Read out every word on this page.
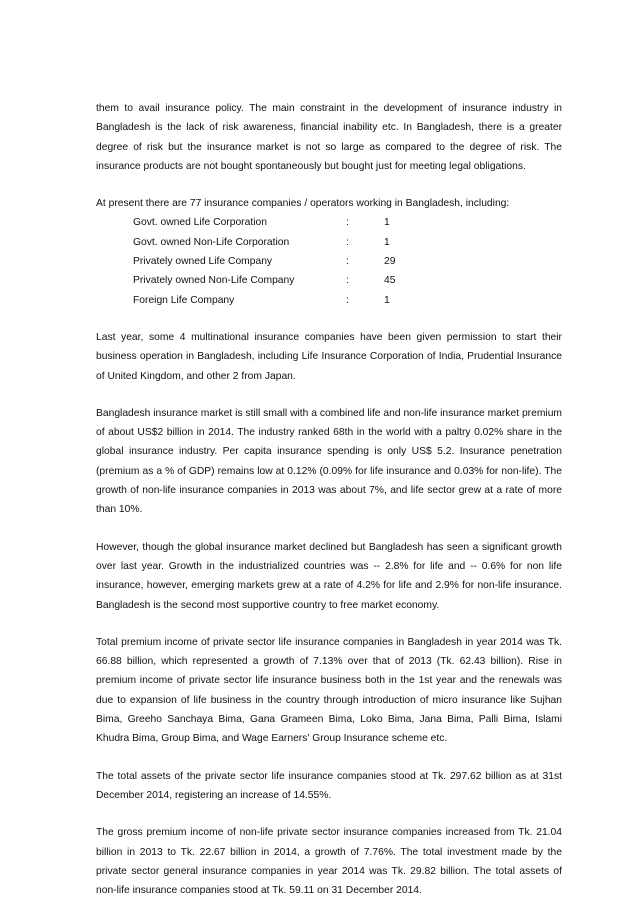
them to avail insurance policy. The main constraint in the development of insurance industry in Bangladesh is the lack of risk awareness, financial inability etc. In Bangladesh, there is a greater degree of risk but the insurance market is not so large as compared to the degree of risk. The insurance products are not bought spontaneously but bought just for meeting legal obligations.

At present there are 77 insurance companies / operators working in Bangladesh, including:

Govt. owned Life Corporation	:	1
Govt. owned Non-Life Corporation	:	1
Privately owned Life Company	:	29
Privately owned Non-Life Company	:	45
Foreign Life Company	:	1

Last year, some 4 multinational insurance companies have been given permission to start their business operation in Bangladesh, including Life Insurance Corporation of India, Prudential Insurance of United Kingdom, and other 2 from Japan.

Bangladesh insurance market is still small with a combined life and non-life insurance market premium of about US$2 billion in 2014. The industry ranked 68th in the world with a paltry 0.02% share in the global insurance industry. Per capita insurance spending is only US$ 5.2. Insurance penetration (premium as a % of GDP) remains low at 0.12% (0.09% for life insurance and 0.03% for non-life). The growth of non-life insurance companies in 2013 was about 7%, and life sector grew at a rate of more than 10%.

However, though the global insurance market declined but Bangladesh has seen a significant growth over last year. Growth in the industrialized countries was -- 2.8% for life and -- 0.6% for non life insurance, however, emerging markets grew at a rate of 4.2% for life and 2.9% for non-life insurance. Bangladesh is the second most supportive country to free market economy.

Total premium income of private sector life insurance companies in Bangladesh in year 2014 was Tk. 66.88 billion, which represented a growth of 7.13% over that of 2013 (Tk. 62.43 billion). Rise in premium income of private sector life insurance business both in the 1st year and the renewals was due to expansion of life business in the country through introduction of micro insurance like Sujhan Bima, Greeho Sanchaya Bima, Gana Grameen Bima, Loko Bima, Jana Bima, Palli Bima, Islami Khudra Bima, Group Bima, and Wage Earners' Group Insurance scheme etc.

The total assets of the private sector life insurance companies stood at Tk. 297.62 billion as at 31st December 2014, registering an increase of 14.55%.

The gross premium income of non-life private sector insurance companies increased from Tk. 21.04 billion in 2013 to Tk. 22.67 billion in 2014, a growth of 7.76%. The total investment made by the private sector general insurance companies in year 2014 was Tk. 29.82 billion. The total assets of non-life insurance companies stood at Tk. 59.11 on 31 December 2014.
